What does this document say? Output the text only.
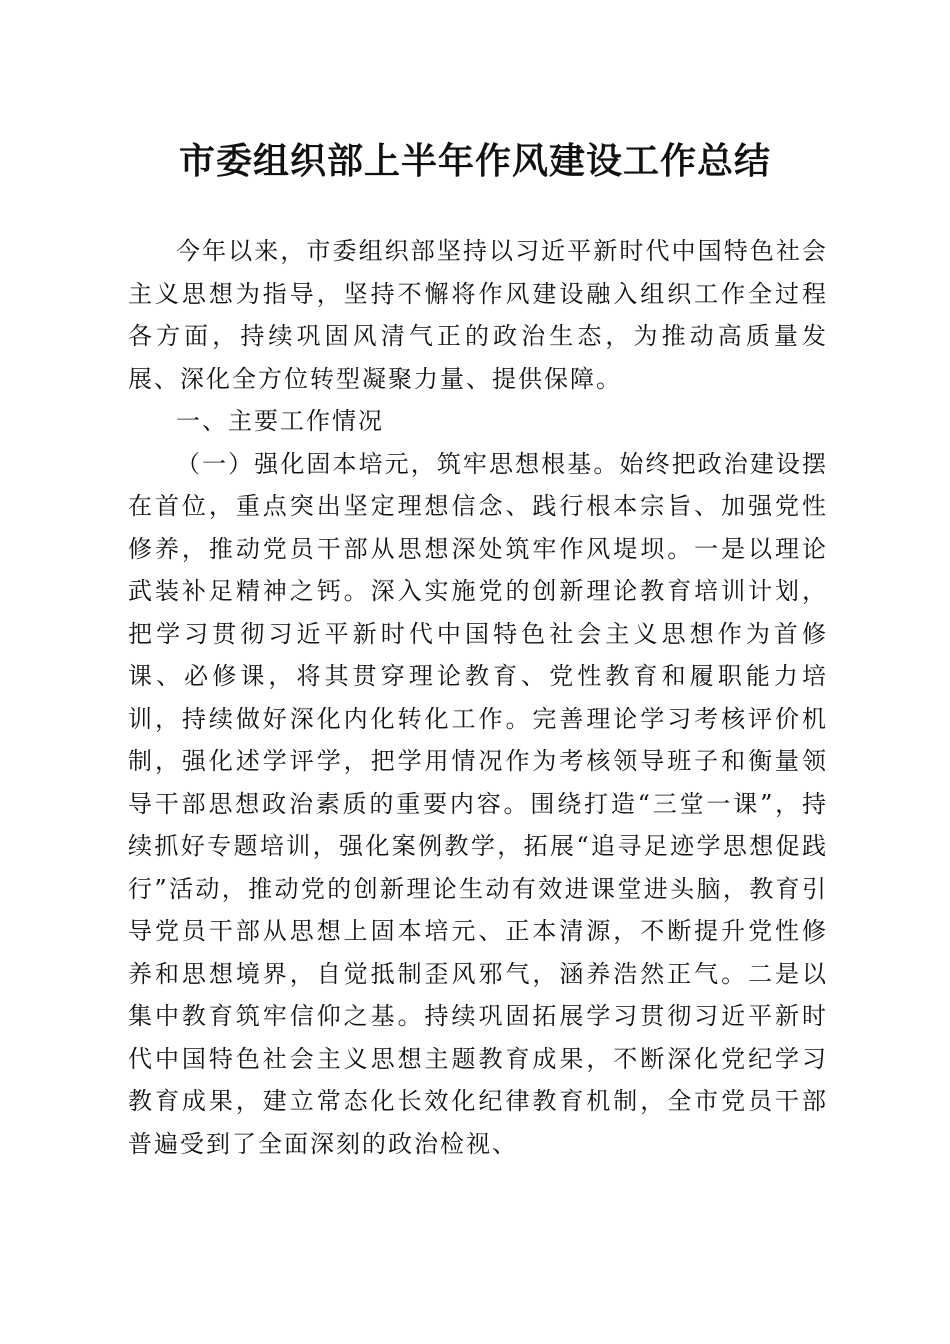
市委组织部上半年作风建设工作总结

今年以来，市委组织部坚持以习近平新时代中国特色社会主义思想为指导，坚持不懈将作风建设融入组织工作全过程各方面，持续巩固风清气正的政治生态，为推动高质量发展、深化全方位转型凝聚力量、提供保障。

一、主要工作情况

（一）强化固本培元，筑牢思想根基。始终把政治建设摆在首位，重点突出坚定理想信念、践行根本宗旨、加强党性修养，推动党员干部从思想深处筑牢作风堤坝。一是以理论武装补足精神之钙。深入实施党的创新理论教育培训计划，把学习贯彻习近平新时代中国特色社会主义思想作为首修课、必修课，将其贯穿理论教育、党性教育和履职能力培训，持续做好深化内化转化工作。完善理论学习考核评价机制，强化述学评学，把学用情况作为考核领导班子和衡量领导干部思想政治素质的重要内容。围绕打造“三堂一课”，持续抓好专题培训，强化案例教学，拓展“追寻足迹学思想促践行”活动，推动党的创新理论生动有效进课堂进头脑，教育引导党员干部从思想上固本培元、正本清源，不断提升党性修养和思想境界，自觉抵制歪风邪气，涵养浩然正气。二是以集中教育筑牢信仰之基。持续巩固拓展学习贯彻习近平新时代中国特色社会主义思想主题教育成果，不断深化党纪学习教育成果，建立常态化长效化纪律教育机制，全市党员干部普遍受到了全面深刻的政治检视、
